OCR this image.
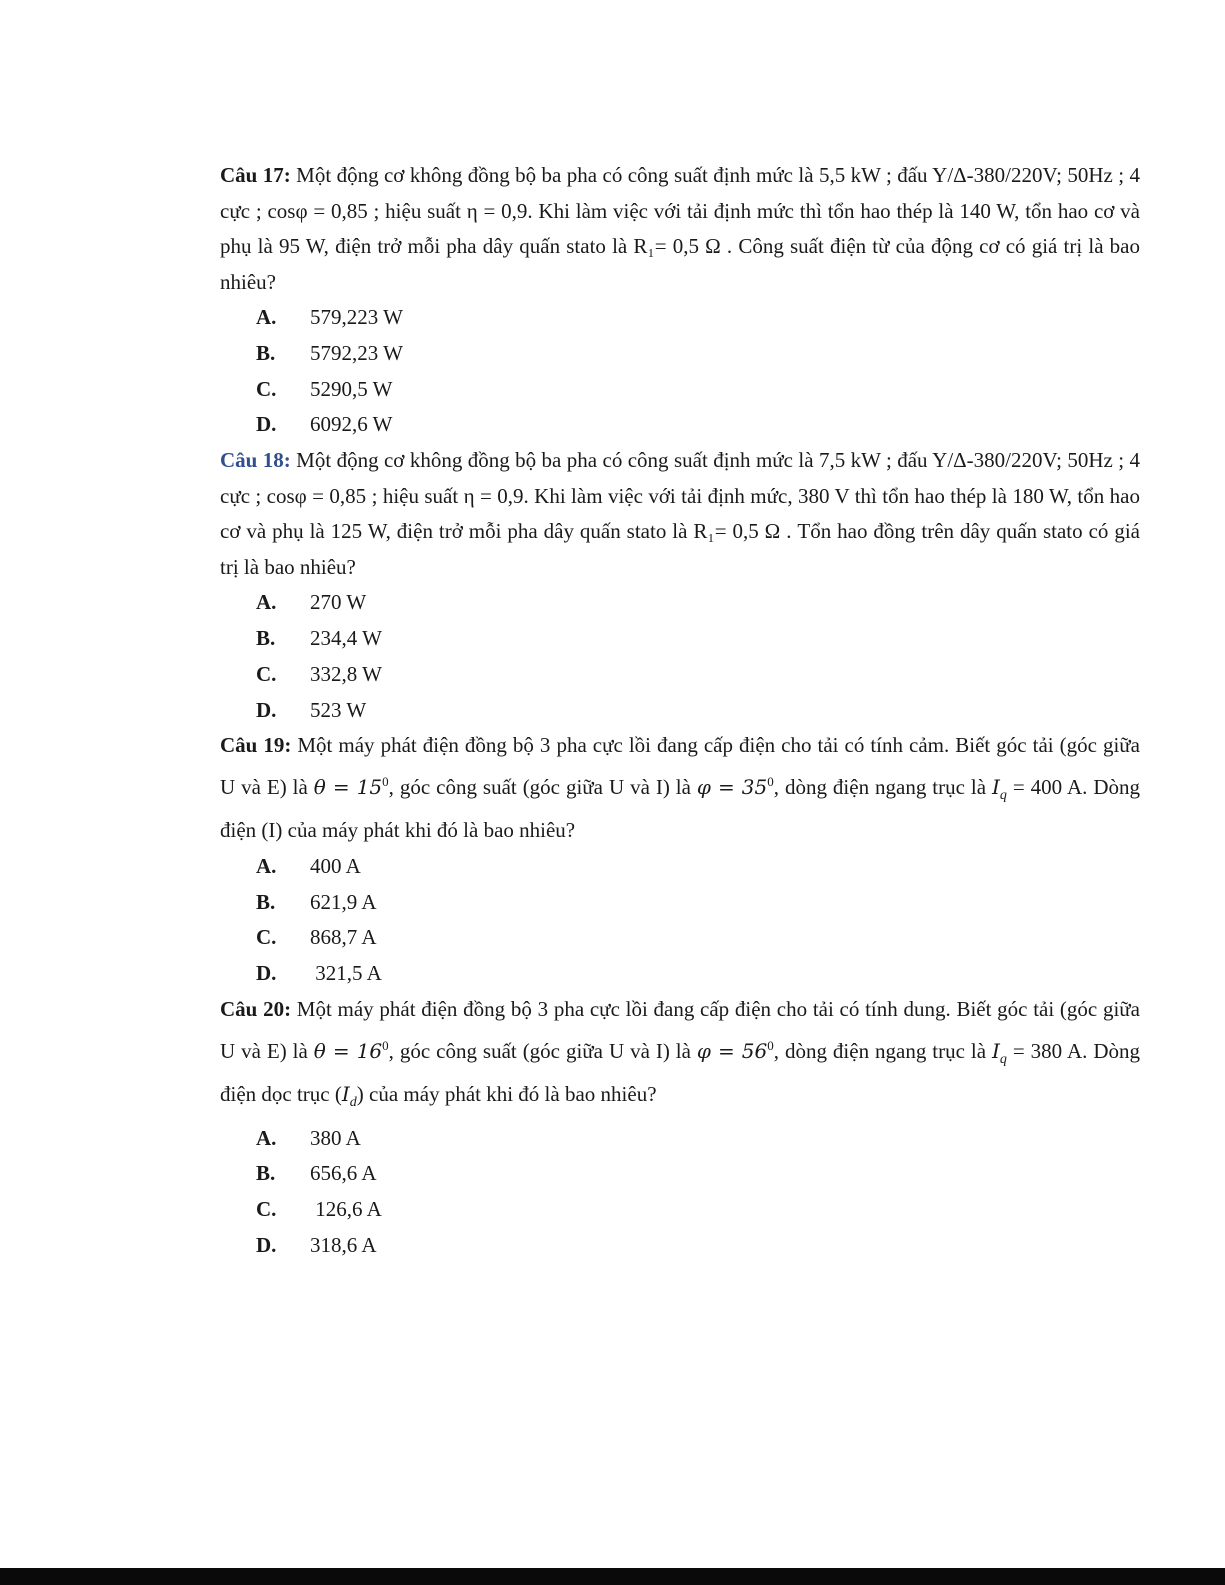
Câu 17: Một động cơ không đồng bộ ba pha có công suất định mức là 5,5 kW ; đấu Y/Δ-380/220V; 50Hz ; 4 cực ; cosφ = 0,85 ; hiệu suất η = 0,9. Khi làm việc với tải định mức thì tổn hao thép là 140 W, tổn hao cơ và phụ là 95 W, điện trở mỗi pha dây quấn stato là R₁= 0,5 Ω . Công suất điện từ của động cơ có giá trị là bao nhiêu?

A. 579,223 W
B. 5792,23 W
C. 5290,5 W
D. 6092,6 W

Câu 18: Một động cơ không đồng bộ ba pha có công suất định mức là 7,5 kW ; đấu Y/Δ-380/220V; 50Hz ; 4 cực ; cosφ = 0,85 ; hiệu suất η = 0,9. Khi làm việc với tải định mức, 380 V thì tổn hao thép là 180 W, tổn hao cơ và phụ là 125 W, điện trở mỗi pha dây quấn stato là R₁= 0,5 Ω . Tổn hao đồng trên dây quấn stato có giá trị là bao nhiêu?

A. 270 W
B. 234,4 W
C. 332,8 W
D. 523 W

Câu 19: Một máy phát điện đồng bộ 3 pha cực lồi đang cấp điện cho tải có tính cảm. Biết góc tải (góc giữa U và E) là $\theta = 15^0$, góc công suất (góc giữa U và I) là $\varphi = 35^0$, dòng điện ngang trục là $I_q = 400$ A. Dòng điện (I) của máy phát khi đó là bao nhiêu?

A. 400 A
B. 621,9 A
C. 868,7 A
D. 321,5 A

Câu 20: Một máy phát điện đồng bộ 3 pha cực lồi đang cấp điện cho tải có tính dung. Biết góc tải (góc giữa U và E) là $\theta = 16^0$, góc công suất (góc giữa U và I) là $\varphi = 56^0$, dòng điện ngang trục là $I_q = 380$ A. Dòng điện dọc trục $(I_d)$ của máy phát khi đó là bao nhiêu?

A. 380 A
B. 656,6 A
C. 126,6 A
D. 318,6 A
